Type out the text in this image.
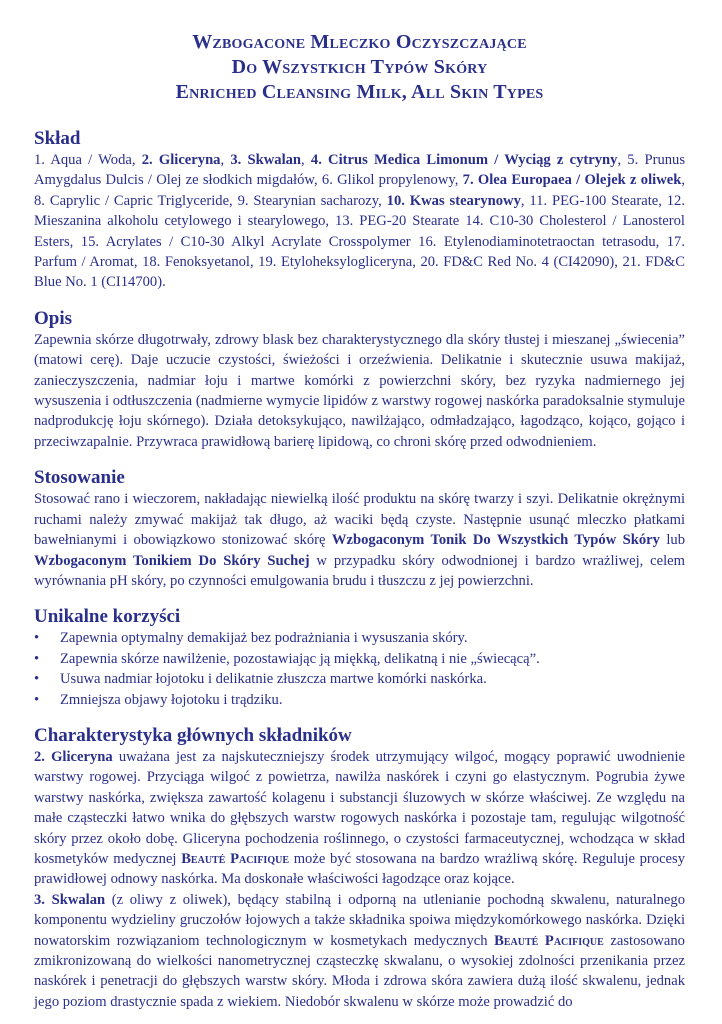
Wzbogacone Mleczko Oczyszczające
Do Wszystkich Typów Skóry
Enriched Cleansing Milk, All Skin Types
Skład

1. Aqua / Woda, 2. Gliceryna, 3. Skwalan, 4. Citrus Medica Limonum / Wyciąg z cytryny, 5. Prunus Amygdalus Dulcis / Olej ze słodkich migdałów, 6. Glikol propylenowy, 7. Olea Europaea / Olejek z oliwek, 8. Caprylic / Capric Triglyceride, 9. Stearynian sacharozy, 10. Kwas stearynowy, 11. PEG-100 Stearate, 12. Mieszanina alkoholu cetylowego i stearylowego, 13. PEG-20 Stearate 14. C10-30 Cholesterol / Lanosterol Esters, 15. Acrylates / C10-30 Alkyl Acrylate Crosspolymer 16. Etylenodiaminotetraoctan tetrasodu, 17. Parfum / Aromat, 18. Fenoksyetanol, 19. Etyloheksylogliceryna, 20. FD&C Red No. 4 (CI42090), 21. FD&C Blue No. 1 (CI14700).

Opis

Zapewnia skórze długotrwały, zdrowy blask bez charakterystycznego dla skóry tłustej i mieszanej „świecenia” (matowi cerę). Daje uczucie czystości, świeżości i orzeźwienia. Delikatnie i skutecznie usuwa makijaż, zanieczyszczenia, nadmiar łoju i martwe komórki z powierzchni skóry, bez ryzyka nadmiernego jej wysuszenia i odtłuszczenia (nadmierne wymycie lipidów z warstwy rogowej naskórka paradoksalnie stymuluje nadprodukcję łoju skórnego). Działa detoksykująco, nawilżająco, odmładzająco, łagodząco, kojąco, gojąco i przeciwzapalnie. Przywraca prawidłową barierę lipidową, co chroni skórę przed odwodnieniem.

Stosowanie

Stosować rano i wieczorem, nakładając niewielką ilość produktu na skórę twarzy i szyi. Delikatnie okrężnymi ruchami należy zmywać makijaż tak długo, aż waciki będą czyste. Następnie usunąć mleczko płatkami bawełnianymi i obowiązkowo stonizować skórę Wzbogaconym Tonik Do Wszystkich Typów Skóry lub Wzbogaconym Tonikiem Do Skóry Suchej w przypadku skóry odwodnionej i bardzo wrażliwej, celem wyrównania pH skóry, po czynności emulgowania brudu i tłuszczu z jej powierzchni.

Unikalne korzyści
• Zapewnia optymalny demakijaż bez podrażniania i wysuszania skóry.
• Zapewnia skórze nawilżenie, pozostawiając ją miękką, delikatną i nie „świecącą”.
• Usuwa nadmiar łojotoku i delikatnie złuszcza martwe komórki naskórka.
• Zmniejsza objawy łojotoku i trądziku.
Charakterystyka głównych składników

2. Gliceryna uważana jest za najskuteczniejszy środek utrzymujący wilgoć, mogący poprawić uwodnienie warstwy rogowej. Przyciąga wilgoć z powietrza, nawilża naskórek i czyni go elastycznym. Pogrubia żywe warstwy naskórka, zwiększa zawartość kolagenu i substancji śluzowych w skórze właściwej. Ze względu na małe cząsteczki łatwo wnika do głębszych warstw rogowych naskórka i pozostaje tam, regulując wilgotność skóry przez około dobę. Gliceryna pochodzenia roślinnego, o czystości farmaceutycznej, wchodząca w skład kosmetyków medycznej Beauté Pacifique może być stosowana na bardzo wrażliwą skórę. Reguluje procesy prawidłowej odnowy naskórka. Ma doskonałe właściwości łagodzące oraz kojące.

3. Skwalan (z oliwy z oliwek), będący stabilną i odporną na utlenianie pochodną skwalenu, naturalnego komponentu wydzieliny gruczołów łojowych a także składnika spoiwa międzykomórkowego naskórka. Dzięki nowatorskim rozwiązaniom technologicznym w kosmetykach medycznych Beauté Pacifique zastosowano zmikronizowaną do wielkości nanometrycznej cząsteczkę skwalanu, o wysokiej zdolności przenikania przez naskórek i penetracji do głębszych warstw skóry. Młoda i zdrowa skóra zawiera dużą ilość skwalenu, jednak jego poziom drastycznie spada z wiekiem. Niedobór skwalenu w skórze może prowadzić do
